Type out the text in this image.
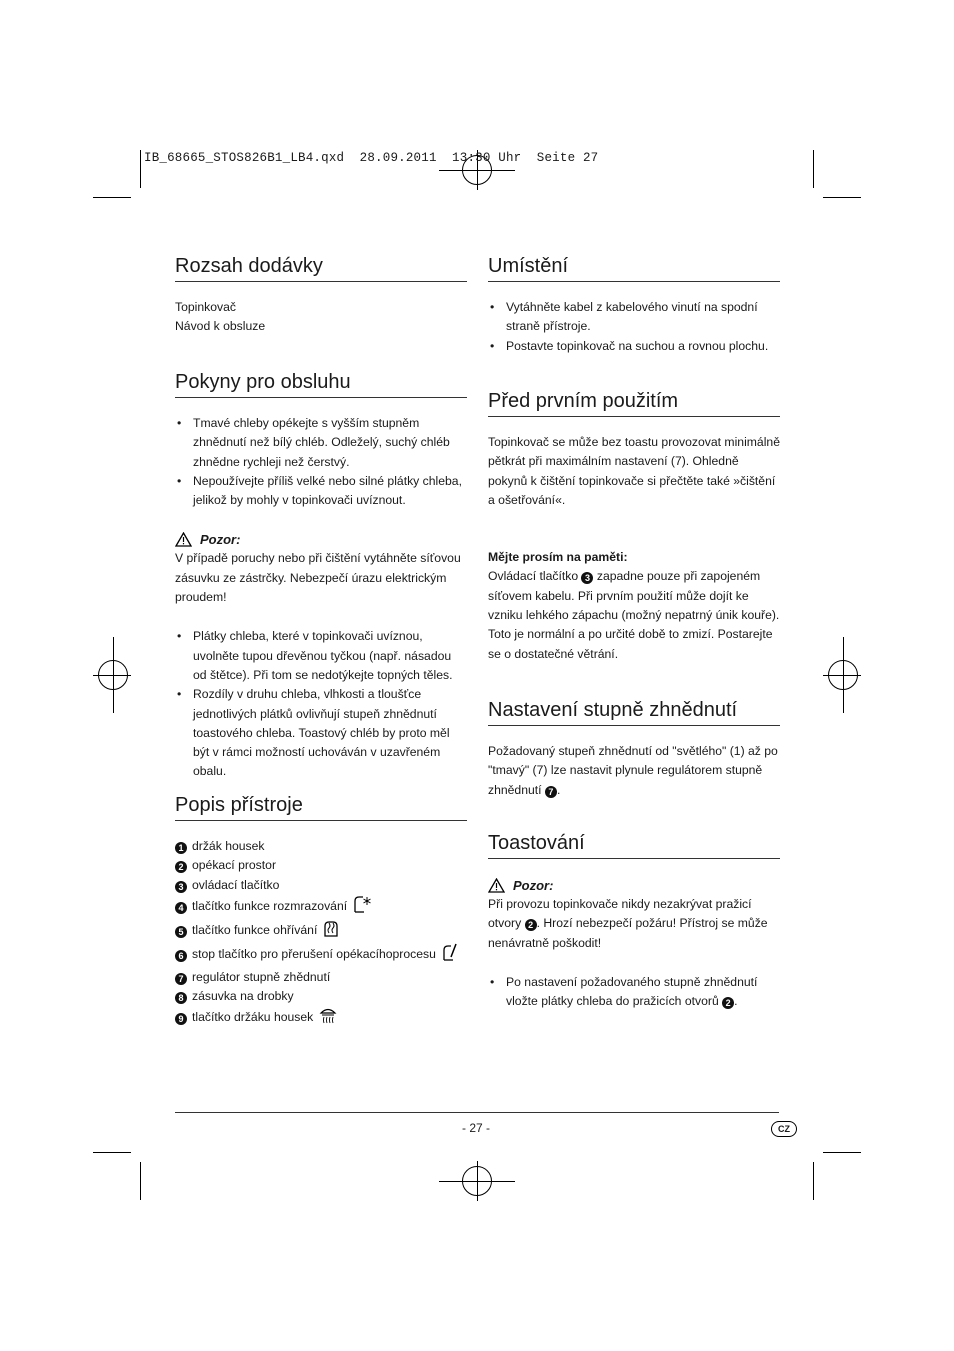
IB_68665_STOS826B1_LB4.qxd  28.09.2011  13:30 Uhr  Seite 27
Rozsah dodávky

Topinkovač

Návod k obsluze

Pokyny pro obsluhu
• Tmavé chleby opékejte s vyšším stupněm zhnědnutí než bílý chléb. Odleželý, suchý chléb zhnědne rychleji než čerstvý.
• Nepoužívejte příliš velké nebo silné plátky chleba, jelikož by mohly v topinkovači uvíznout.

Pozor:

V případě poruchy nebo při čištění vytáhněte síťovou zásuvku ze zástrčky. Nebezpečí úrazu elektrickým proudem!

• Plátky chleba, které v topinkovači uvíznou, uvolněte tupou dřevěnou tyčkou (např. násadou od štětce). Při tom se nedotýkejte topných těles.
• Rozdíly v druhu chleba, vlhkosti a tloušťce jednotlivých plátků ovlivňují stupeň zhnědnutí toastového chleba. Toastový chléb by proto měl být v rámci možností uchováván v uzavřeném obalu.
Popis přístroje
1 držák housek
2 opékací prostor
3 ovládací tlačítko
4 tlačítko funkce rozmrazování
5 tlačítko funkce ohřívání
6 stop tlačítko pro přerušení opékacíhoprocesu
7 regulátor stupně zhědnutí
8 zásuvka na drobky
9 tlačítko držáku housek
Umístění
• Vytáhněte kabel z kabelového vinutí na spodní straně přístroje.
• Postavte topinkovač na suchou a rovnou plochu.
Před prvním použitím

Topinkovač se může bez toastu provozovat minimálně pětkrát při maximálním nastavení (7). Ohledně pokynů k čištění topinkovače si přečtěte také »čištění a ošetřování«.

Mějte prosím na paměti:

Ovládací tlačítko 3 zapadne pouze při zapojeném síťovem kabelu. Při prvním použití může dojít ke vzniku lehkého zápachu (možný nepatrný únik kouře). Toto je normální a po určité době to zmizí. Postarejte se o dostatečné větrání.

Nastavení stupně zhnědnutí

Požadovaný stupeň zhnědnutí od "světlého" (1) až po "tmavý" (7) lze nastavit plynule regulátorem stupně zhnědnutí 7 .

Toastování

Pozor:

Při provozu topinkovače nikdy nezakrývat pražicí otvory 2 . Hrozí nebezpečí požáru! Přístroj se může nenávratně poškodit!

• Po nastavení požadovaného stupně zhnědnutí vložte plátky chleba do pražicích otvorů 2 .
- 27 -	CZ
